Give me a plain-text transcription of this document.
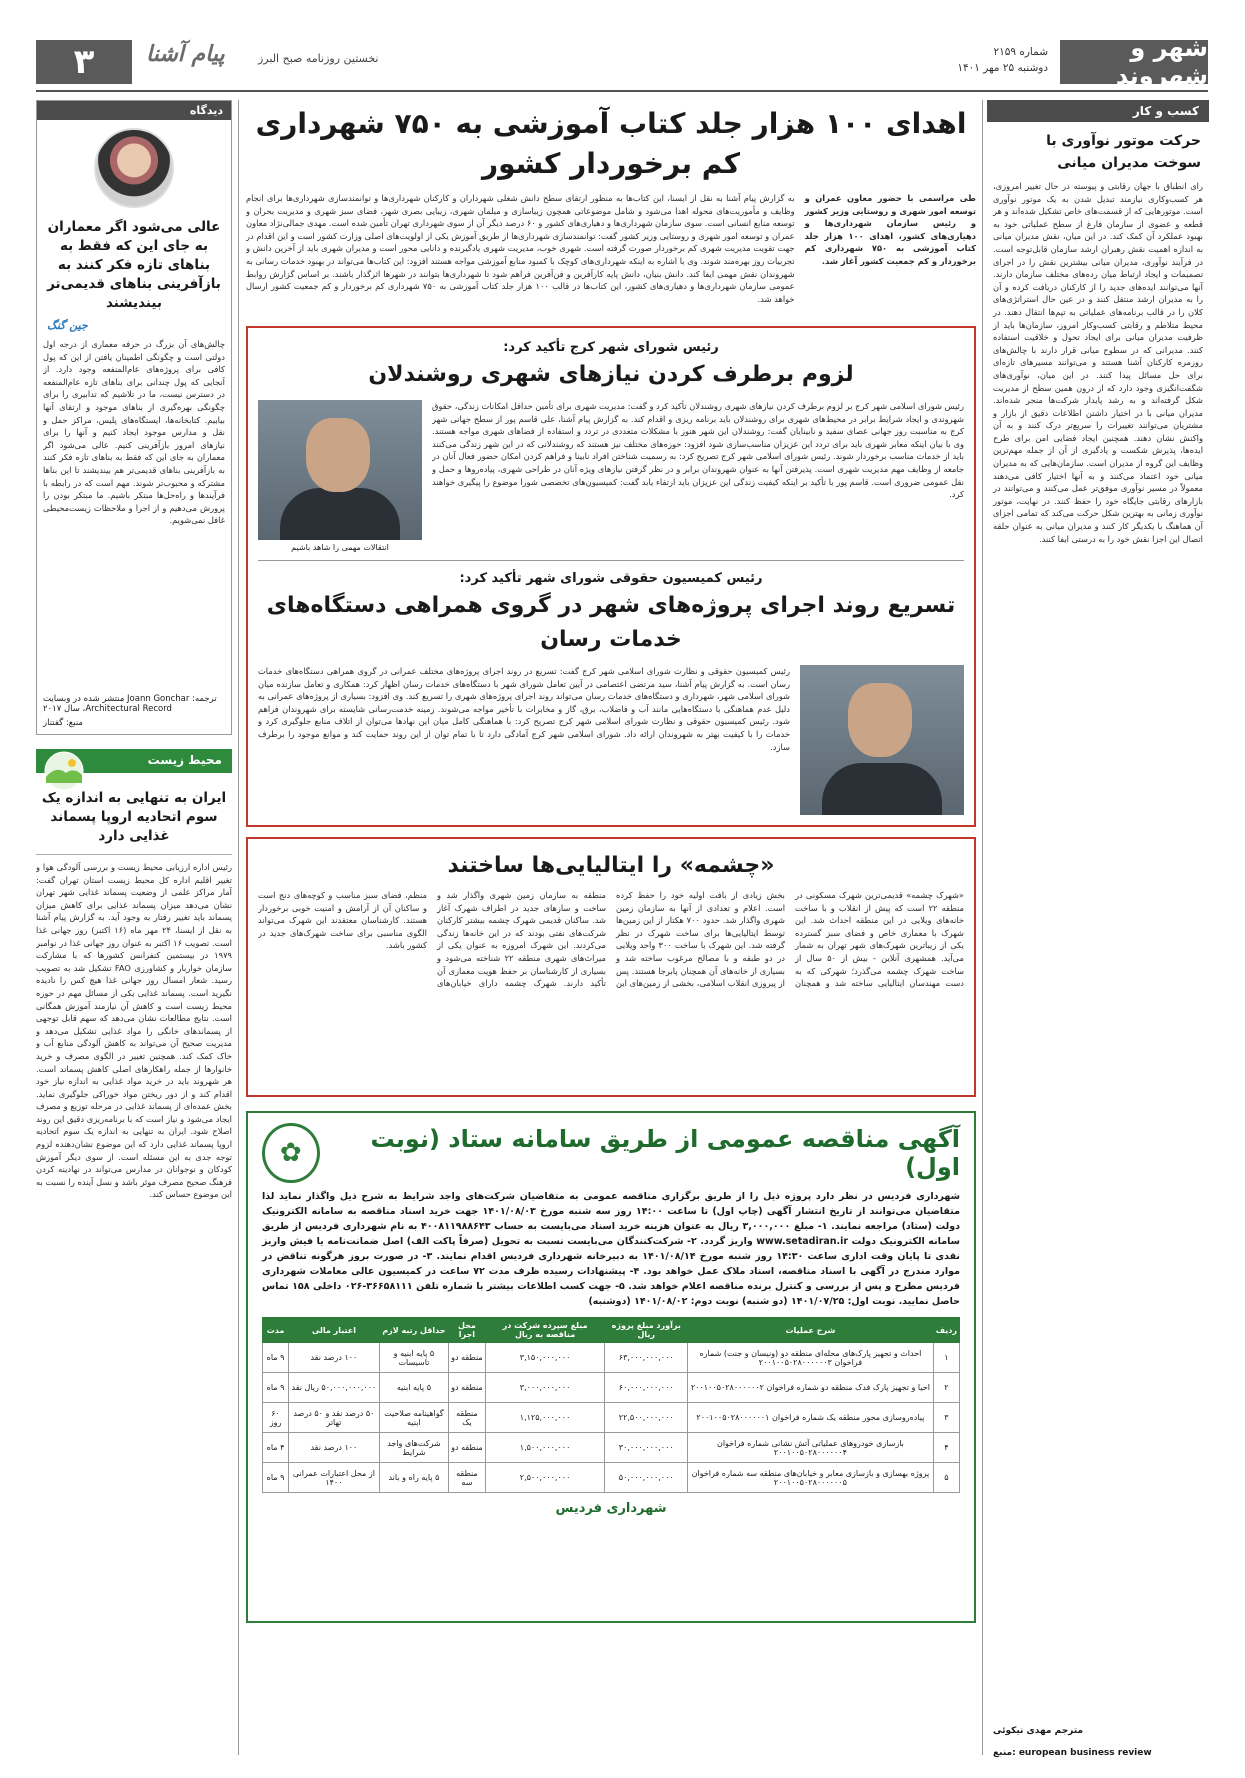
شهر و شهروند
شماره ۲۱۵۹
دوشنبه ۲۵ مهر ۱۴۰۱
نخستین روزنامه صبح البرز
پیام آشنا
۳
کسب و کار
حرکت موتور نوآوری با سوخت مدیران میانی
رای انطباق با جهان رقابتی و پیوسته در حال تغییر امروزی، هر کسب‌وکاری نیازمند تبدیل شدن به یک موتور نوآوری است. موتورهایی که از قسمت‌های خاص تشکیل شده‌اند و هر قطعه و عضوی از سازمان فارغ از سطح عملیاتی خود به بهبود عملکرد آن کمک کند. در این میان، نقش مدیران میانی به اندازه اهمیت نقش رهبران ارشد سازمان قابل‌توجه است. در فرآیند نوآوری، مدیران میانی بیشترین نقش را در اجرای تصمیمات و ایجاد ارتباط میان رده‌های مختلف سازمان دارند. آنها می‌توانند ایده‌های جدید را از کارکنان دریافت کرده و آن را به مدیران ارشد منتقل کنند و در عین حال استراتژی‌های کلان را در قالب برنامه‌های عملیاتی به تیم‌ها انتقال دهند. در محیط متلاطم و رقابتی کسب‌وکار امروز، سازمان‌ها باید از ظرفیت مدیران میانی برای ایجاد تحول و خلاقیت استفاده کنند. مدیرانی که در سطوح میانی قرار دارند با چالش‌های روزمره کارکنان آشنا هستند و می‌توانند مسیرهای تازه‌ای برای حل مسائل پیدا کنند. در این میان، نوآوری‌های شگفت‌انگیزی وجود دارد که از درون همین سطح از مدیریت شکل گرفته‌اند و به رشد پایدار شرکت‌ها منجر شده‌اند. مدیران میانی با در اختیار داشتن اطلاعات دقیق از بازار و مشتریان می‌توانند تغییرات را سریع‌تر درک کنند و به آن واکنش نشان دهند. همچنین ایجاد فضایی امن برای طرح ایده‌ها، پذیرش شکست و یادگیری از آن از جمله مهم‌ترین وظایف این گروه از مدیران است. سازمان‌هایی که به مدیران میانی خود اعتماد می‌کنند و به آنها اختیار کافی می‌دهند معمولاً در مسیر نوآوری موفق‌تر عمل می‌کنند و می‌توانند در بازارهای رقابتی جایگاه خود را حفظ کنند. در نهایت، موتور نوآوری زمانی به بهترین شکل حرکت می‌کند که تمامی اجزای آن هماهنگ با یکدیگر کار کنند و مدیران میانی به عنوان حلقه اتصال این اجزا نقش خود را به درستی ایفا کنند.
مترجم مهدی نیکوئی
منبع: european business review
دیدگاه
عالی می‌شود اگر معماران به جای این که فقط به بناهای تازه فکر کنند به بازآفرینی بناهای قدیمی‌تر بیندیشند
جین گنگ
چالش‌های آن بزرگ در حرفه معماری از درجه اول دولتی است و چگونگی اطمینان یافتن از این که پول کافی برای پروژه‌های عام‌المنفعه وجود دارد. از آنجایی که پول چندانی برای بناهای تازه عام‌المنفعه در دسترس نیست، ما در تلاشیم که تدابیری را برای چگونگی بهره‌گیری از بناهای موجود و ارتقای آنها بیابیم. کتابخانه‌ها، ایستگاه‌های پلیس، مراکز حمل و نقل و مدارس موجود ایجاد کنیم و آنها را برای نیازهای امروز بازآفرینی کنیم. عالی می‌شود اگر معماران به جای این که فقط به بناهای تازه فکر کنند به بازآفرینی بناهای قدیمی‌تر هم بیندیشند تا این بناها مشترکه و محبوب‌تر شوند. مهم است که در رابطه با فرآیندها و راه‌حل‌ها مبتکر باشیم. ما مبتکر بودن را پرورش می‌دهیم و از اجرا و ملاحظات زیست‌محیطی غافل نمی‌شویم.
ترجمه: Joann Gonchar منتشر شده در وبسایت Architectural Record، سال ۲۰۱۷
منبع: گفتنار
محیط زیست
ایران به تنهایی به اندازه یک سوم اتحادیه اروپا پسماند غذایی دارد
رئیس اداره ارزیابی محیط زیست و بررسی آلودگی هوا و تغییر اقلیم اداره کل محیط زیست استان تهران گفت: آمار مراکز علمی از وضعیت پسماند غذایی شهر تهران نشان می‌دهد میزان پسماند غذایی برای کاهش میزان پسماند باید تغییر رفتار به وجود آید. به گزارش پیام آشنا به نقل از ایسنا، ۲۴ مهر ماه (۱۶ اکتبر) روز جهانی غذا است. تصویب ۱۶ اکتبر به عنوان روز جهانی غذا در نوامبر ۱۹۷۹ در بیستمین کنفرانس کشورها که با مشارکت سازمان خواربار و کشاورزی FAO تشکیل شد به تصویب رسید. شعار امسال روز جهانی غذا هیچ کس را نادیده نگیرید است. پسماند غذایی یکی از مسائل مهم در حوزه محیط زیست است و کاهش آن نیازمند آموزش همگانی است. نتایج مطالعات نشان می‌دهد که سهم قابل توجهی از پسماندهای خانگی را مواد غذایی تشکیل می‌دهد و مدیریت صحیح آن می‌تواند به کاهش آلودگی منابع آب و خاک کمک کند. همچنین تغییر در الگوی مصرف و خرید خانوارها از جمله راهکارهای اصلی کاهش پسماند است. هر شهروند باید در خرید مواد غذایی به اندازه نیاز خود اقدام کند و از دور ریختن مواد خوراکی جلوگیری نماید. بخش عمده‌ای از پسماند غذایی در مرحله توزیع و مصرف ایجاد می‌شود و نیاز است که با برنامه‌ریزی دقیق این روند اصلاح شود. ایران به تنهایی به اندازه یک سوم اتحادیه اروپا پسماند غذایی دارد که این موضوع نشان‌دهنده لزوم توجه جدی به این مسئله است. از سوی دیگر آموزش کودکان و نوجوانان در مدارس می‌تواند در نهادینه کردن فرهنگ صحیح مصرف موثر باشد و نسل آینده را نسبت به این موضوع حساس کند.
اهدای ۱۰۰ هزار جلد کتاب آموزشی به ۷۵۰ شهرداری کم برخوردار کشور
طی مراسمی با حضور معاون عمران و توسعه امور شهری و روستایی وزیر کشور و رئیس سازمان شهرداری‌ها و دهیاری‌های کشور، اهدای ۱۰۰ هزار جلد کتاب آموزشی به ۷۵۰ شهرداری کم برخوردار و کم جمعیت کشور آغاز شد.
به گزارش پیام آشنا به نقل از ایسنا، این کتاب‌ها به منظور ارتقای سطح دانش شغلی شهرداران و کارکنان شهرداری‌ها و توانمندسازی شهرداری‌ها برای انجام وظایف و مأموریت‌های محوله اهدا می‌شود و شامل موضوعاتی همچون زیباسازی و مبلمان شهری، زیبایی بصری شهر، فضای سبز شهری و مدیریت بحران و توسعه منابع انسانی است. سوی سازمان شهرداری‌ها و دهیاری‌های کشور و ۶۰ درصد دیگر آن از سوی شهرداری تهران تأمین شده است. مهدی جمالی‌نژاد معاون عمران و توسعه امور شهری و روستایی وزیر کشور گفت: توانمندسازی شهرداری‌ها از طریق آموزش یکی از اولویت‌های اصلی وزارت کشور است و این اقدام در جهت تقویت مدیریت شهری کم برخوردار صورت گرفته است. شهری خوب، مدیریت شهری یادگیرنده و دانایی محور است و مدیران شهری باید از آخرین دانش و تجربیات روز بهره‌مند شوند. وی با اشاره به اینکه شهرداری‌های کوچک با کمبود منابع آموزشی مواجه هستند افزود: این کتاب‌ها می‌تواند در بهبود خدمات رسانی به شهروندان نقش مهمی ایفا کند. دانش بنیان، دانش پایه کارآفرین و فن‌آفرین فراهم شود تا شهرداری‌ها بتوانند در شهرها اثرگذار باشند. بر اساس گزارش روابط عمومی سازمان شهرداری‌ها و دهیاری‌های کشور، این کتاب‌ها در قالب ۱۰۰ هزار جلد کتاب آموزشی به ۷۵۰ شهرداری کم برخوردار و کم جمعیت کشور ارسال خواهد شد.
رئیس شورای شهر کرج تأکید کرد:
لزوم برطرف کردن نیازهای شهری روشندلان
رئیس شورای اسلامی شهر کرج بر لزوم برطرف کردن نیازهای شهری روشندلان تأکید کرد و گفت: مدیریت شهری برای تأمین حداقل امکانات زندگی، حقوق شهروندی و ایجاد شرایط برابر در محیط‌های شهری برای روشندلان باید برنامه ریزی و اقدام کند. به گزارش پیام آشنا، علی قاسم پور از سطح جهانی شهر کرج به مناسبت روز جهانی عصای سفید و نابینایان گفت: روشندلان این شهر هنوز با مشکلات متعددی در تردد و استفاده از فضاهای شهری مواجه هستند. وی با بیان اینکه معابر شهری باید برای تردد این عزیزان مناسب‌سازی شود افزود: حوزه‌های مختلف نیز هستند که روشندلانی که در این شهر زندگی می‌کنند باید از خدمات مناسب برخوردار شوند. رئیس شورای اسلامی شهر کرج تصریح کرد: به رسمیت شناختن افراد نابینا و فراهم کردن امکان حضور فعال آنان در جامعه از وظایف مهم مدیریت شهری است. پذیرفتن آنها به عنوان شهروندان برابر و در نظر گرفتن نیازهای ویژه آنان در طراحی شهری، پیاده‌روها و حمل و نقل عمومی ضروری است. قاسم پور با تأکید بر اینکه کیفیت زندگی این عزیزان باید ارتقاء یابد گفت: کمیسیون‌های تخصصی شورا موضوع را پیگیری خواهند کرد.
انتقالات مهمی را شاهد باشیم
رئیس کمیسیون حقوقی شورای شهر تأکید کرد:
تسریع روند اجرای پروژه‌های شهر در گروی همراهی دستگاه‌های خدمات رسان
رئیس کمیسیون حقوقی و نظارت شورای اسلامی شهر کرج گفت: تسریع در روند اجرای پروژه‌های مختلف عمرانی در گروی همراهی دستگاه‌های خدمات رسان است. به گزارش پیام آشنا، سید مرتضی اعتصامی در آیین تعامل شورای شهر با دستگاه‌های خدمات رسان اظهار کرد: همکاری و تعامل سازنده میان شورای اسلامی شهر، شهرداری و دستگاه‌های خدمات رسان می‌تواند روند اجرای پروژه‌های شهری را تسریع کند. وی افزود: بسیاری از پروژه‌های عمرانی به دلیل عدم هماهنگی با دستگاه‌هایی مانند آب و فاضلاب، برق، گاز و مخابرات با تأخیر مواجه می‌شوند. زمینه خدمت‌رسانی شایسته برای شهروندان فراهم شود. رئیس کمیسیون حقوقی و نظارت شورای اسلامی شهر کرج تصریح کرد: با هماهنگی کامل میان این نهادها می‌توان از اتلاف منابع جلوگیری کرد و خدمات را با کیفیت بهتر به شهروندان ارائه داد. شورای اسلامی شهر کرج آمادگی دارد تا با تمام توان از این روند حمایت کند و موانع موجود را برطرف سازد.
«چشمه» را ایتالیایی‌ها ساختند
«شهرک چشمه» قدیمی‌ترین شهرک مسکونی در منطقه ۲۲ است که پیش از انقلاب و با ساخت خانه‌های ویلایی در این منطقه احداث شد. این شهرک با معماری خاص و فضای سبز گسترده یکی از زیباترین شهرک‌های شهر تهران به شمار می‌آید. همشهری آنلاین - بیش از ۵۰ سال از ساخت شهرک چشمه می‌گذرد؛ شهرکی که به دست مهندسان ایتالیایی ساخته شد و همچنان بخش زیادی از بافت اولیه خود را حفظ کرده است. اعلام و تعدادی از آنها به سازمان زمین شهری واگذار شد. حدود ۷۰۰ هکتار از این زمین‌ها توسط ایتالیایی‌ها برای ساخت شهرک در نظر گرفته شد. این شهرک با ساخت ۳۰۰ واحد ویلایی در دو طبقه و با مصالح مرغوب ساخته شد و بسیاری از خانه‌های آن همچنان پابرجا هستند. پس از پیروزی انقلاب اسلامی، بخشی از زمین‌های این منطقه به سازمان زمین شهری واگذار شد و ساخت و سازهای جدید در اطراف شهرک آغاز شد. ساکنان قدیمی شهرک چشمه بیشتر کارکنان شرکت‌های نفتی بودند که در این خانه‌ها زندگی می‌کردند. این شهرک امروزه به عنوان یکی از میراث‌های شهری منطقه ۲۲ شناخته می‌شود و بسیاری از کارشناسان بر حفظ هویت معماری آن تأکید دارند. شهرک چشمه دارای خیابان‌های منظم، فضای سبز مناسب و کوچه‌های دنج است و ساکنان آن از آرامش و امنیت خوبی برخوردار هستند. کارشناسان معتقدند این شهرک می‌تواند الگوی مناسبی برای ساخت شهرک‌های جدید در کشور باشد.
آگهی مناقصه عمومی از طریق سامانه ستاد (نوبت اول)
✿
شهرداری فردیس در نظر دارد پروژه ذیل را از طریق برگزاری مناقصه عمومی به متقاضیان شرکت‌های واجد شرایط به شرح ذیل واگذار نماید لذا متقاضیان می‌توانند از تاریخ انتشار آگهی (چاپ اول) تا ساعت ۱۴:۰۰ روز سه شنبه مورخ ۱۴۰۱/۰۸/۰۳ جهت خرید اسناد مناقصه به سامانه الکترونیک دولت (ستاد) مراجعه نمایند. ۱- مبلغ ۳,۰۰۰,۰۰۰ ریال به عنوان هزینه خرید اسناد می‌بایست به حساب ۴۰۰۸۱۱۹۸۸۶۴۳ به نام شهرداری فردیس از طریق سامانه الکترونیک دولت www.setadiran.ir واریز گردد. ۲- شرکت‌کنندگان می‌بایست نسبت به تحویل (صرفاً پاکت الف) اصل ضمانت‌نامه یا فیش واریز نقدی تا پایان وقت اداری ساعت ۱۴:۳۰ روز شنبه مورخ ۱۴۰۱/۰۸/۱۴ به دبیرخانه شهرداری فردیس اقدام نمایند. ۳- در صورت بروز هرگونه تناقض در موارد مندرج در آگهی با اسناد مناقصه، اسناد ملاک عمل خواهد بود. ۴- پیشنهادات رسیده ظرف مدت ۷۲ ساعت در کمیسیون عالی معاملات شهرداری فردیس مطرح و پس از بررسی و کنترل برنده مناقصه اعلام خواهد شد. ۵- جهت کسب اطلاعات بیشتر با شماره تلفن ۳۶۶۵۸۱۱۱-۰۲۶ داخلی ۱۵۸ تماس حاصل نمایید. نوبت اول: ۱۴۰۱/۰۷/۲۵ (دو شنبه) نوبت دوم: ۱۴۰۱/۰۸/۰۲ (دوشنبه)
ردیف	شرح عملیات	برآورد مبلغ پروژه ریال	مبلغ سپرده شرکت در مناقصه به ریال	محل اجرا	حداقل رتبه لازم	اعتبار مالی	مدت
۱	احداث و تجهیز پارک‌های محله‌ای منطقه دو (ونیسان و جنت) شماره فراخوان ۲۰۰۱۰۰۵۰۲۸۰۰۰۰۰۰۳	۶۳,۰۰۰,۰۰۰,۰۰۰	۳,۱۵۰,۰۰۰,۰۰۰	منطقه دو	۵ پایه ابنیه و تاسیسات	۱۰۰ درصد نقد	۹ ماه
۲	احیا و تجهیز پارک فدک منطقه دو شماره فراخوان ۲۰۰۱۰۰۵۰۲۸۰۰۰۰۰۰۲	۶۰,۰۰۰,۰۰۰,۰۰۰	۳,۰۰۰,۰۰۰,۰۰۰	منطقه دو	۵ پایه ابنیه	۵۰,۰۰۰,۰۰۰,۰۰۰ ریال نقد	۹ ماه
۳	پیاده‌روسازی محور منطقه یک شماره فراخوان ۲۰۰۱۰۰۵۰۲۸۰۰۰۰۰۰۱	۲۲,۵۰۰,۰۰۰,۰۰۰	۱,۱۲۵,۰۰۰,۰۰۰	منطقه یک	گواهینامه صلاحیت ابنیه	۵۰ درصد نقد و ۵۰ درصد تهاتر	۶۰ روز
۴	بازسازی خودروهای عملیاتی آتش نشانی شماره فراخوان ۲۰۰۱۰۰۵۰۲۸۰۰۰۰۰۰۴	۳۰,۰۰۰,۰۰۰,۰۰۰	۱,۵۰۰,۰۰۰,۰۰۰	منطقه دو	شرکت‌های واجد شرایط	۱۰۰ درصد نقد	۴ ماه
۵	پروژه بهسازی و بازسازی معابر و خیابان‌های منطقه سه شماره فراخوان ۲۰۰۱۰۰۵۰۲۸۰۰۰۰۰۰۵	۵۰,۰۰۰,۰۰۰,۰۰۰	۲,۵۰۰,۰۰۰,۰۰۰	منطقه سه	۵ پایه راه و باند	از محل اعتبارات عمرانی ۱۴۰۰	۹ ماه
شهرداری فردیس
